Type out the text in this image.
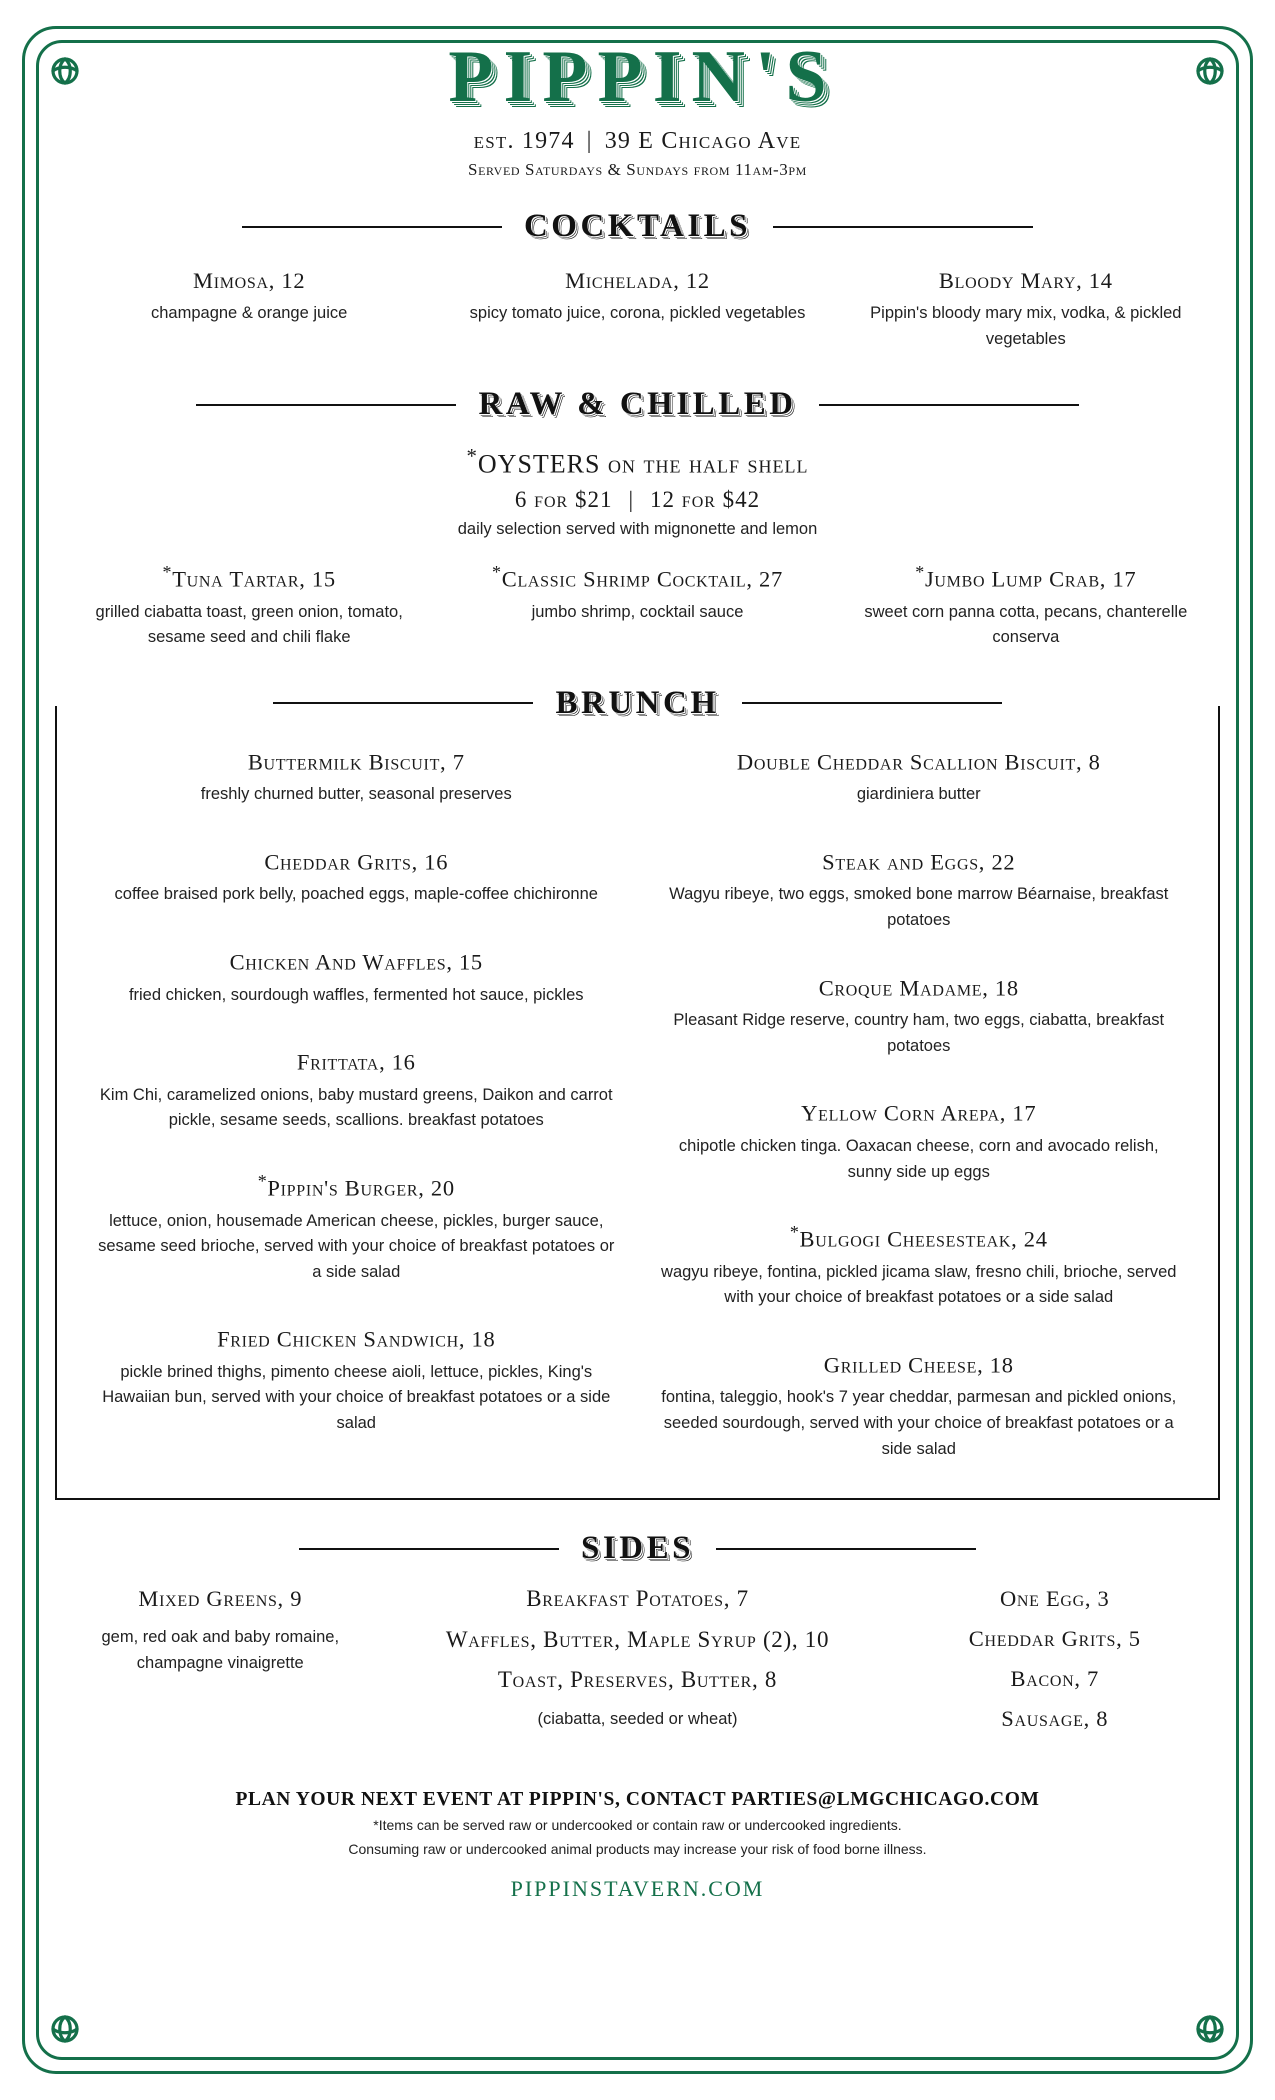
PIPPIN'S
est. 1974 | 39 E Chicago Ave
Served Saturdays & Sundays from 11am-3pm
COCKTAILS

Mimosa, 12

champagne & orange juice

Michelada, 12

spicy tomato juice, corona, pickled vegetables

Bloody Mary, 14

Pippin's bloody mary mix, vodka, & pickled vegetables

RAW & CHILLED
*OYSTERS on the half shell
6 for $21 | 12 for $42
daily selection served with mignonette and lemon

*Tuna Tartar, 15

grilled ciabatta toast, green onion, tomato, sesame seed and chili flake

*Classic Shrimp Cocktail, 27

jumbo shrimp, cocktail sauce

*Jumbo Lump Crab, 17

sweet corn panna cotta, pecans, chanterelle conserva

BRUNCH

Buttermilk Biscuit, 7

freshly churned butter, seasonal preserves

Cheddar Grits, 16

coffee braised pork belly, poached eggs, maple-coffee chichironne

Chicken And Waffles, 15

fried chicken, sourdough waffles, fermented hot sauce, pickles

Frittata, 16

Kim Chi, caramelized onions, baby mustard greens, Daikon and carrot pickle, sesame seeds, scallions. breakfast potatoes

*Pippin's Burger, 20

lettuce, onion, housemade American cheese, pickles, burger sauce, sesame seed brioche, served with your choice of breakfast potatoes or a side salad

Fried Chicken Sandwich, 18

pickle brined thighs, pimento cheese aioli, lettuce, pickles, King's Hawaiian bun, served with your choice of breakfast potatoes or a side salad

Double Cheddar Scallion Biscuit, 8

giardiniera butter

Steak and Eggs, 22

Wagyu ribeye, two eggs, smoked bone marrow Béarnaise, breakfast potatoes

Croque Madame, 18

Pleasant Ridge reserve, country ham, two eggs, ciabatta, breakfast potatoes

Yellow Corn Arepa, 17

chipotle chicken tinga. Oaxacan cheese, corn and avocado relish, sunny side up eggs

*Bulgogi Cheesesteak, 24

wagyu ribeye, fontina, pickled jicama slaw, fresno chili, brioche, served with your choice of breakfast potatoes or a side salad

Grilled Cheese, 18

fontina, taleggio, hook's 7 year cheddar, parmesan and pickled onions, seeded sourdough, served with your choice of breakfast potatoes or a side salad

SIDES

Mixed Greens, 9

gem, red oak and baby romaine, champagne vinaigrette

Breakfast Potatoes, 7

Waffles, Butter, Maple Syrup (2), 10

Toast, Preserves, Butter, 8

(ciabatta, seeded or wheat)

One Egg, 3

Cheddar Grits, 5

Bacon, 7

Sausage, 8

PLAN YOUR NEXT EVENT AT PIPPIN'S, CONTACT PARTIES@LMGCHICAGO.COM
*Items can be served raw or undercooked or contain raw or undercooked ingredients.
Consuming raw or undercooked animal products may increase your risk of food borne illness.
PIPPINSTAVERN.COM
